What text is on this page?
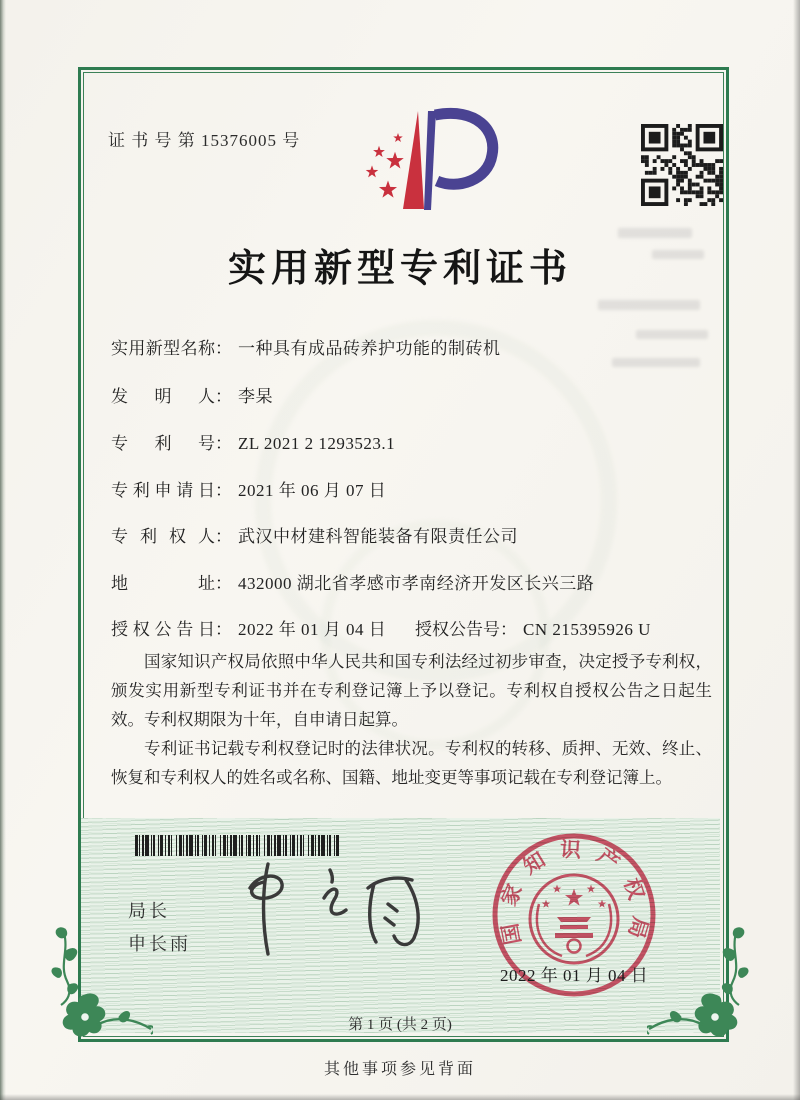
证 书 号 第 15376005 号
实用新型专利证书
实 用 新 型 名 称 ： 一种具有成品砖养护功能的制砖机
发 明 人 ： 李杲
专 利 号 ： ZL 2021 2 1293523.1
专 利 申 请 日 ： 2021 年 06 月 07 日
专 利 权 人 ： 武汉中材建科智能装备有限责任公司
地	址 ： 432000 湖北省孝感市孝南经济开发区长兴三路
授 权 公 告 日 ： 2022 年 01 月 04 日 授权公告号： CN 215395926 U

国家知识产权局依照中华人民共和国专利法经过初步审查，决定授予专利权，颁发实用新型专利证书并在专利登记簿上予以登记。专利权自授权公告之日起生效。专利权期限为十年，自申请日起算。

专利证书记载专利权登记时的法律状况。专利权的转移、质押、无效、终止、恢复和专利权人的姓名或名称、国籍、地址变更等事项记载在专利登记簿上。

局长
申长雨	国家知识产权局
2022 年 01 月 04 日
第 1 页 (共 2 页)
其他事项参见背面
